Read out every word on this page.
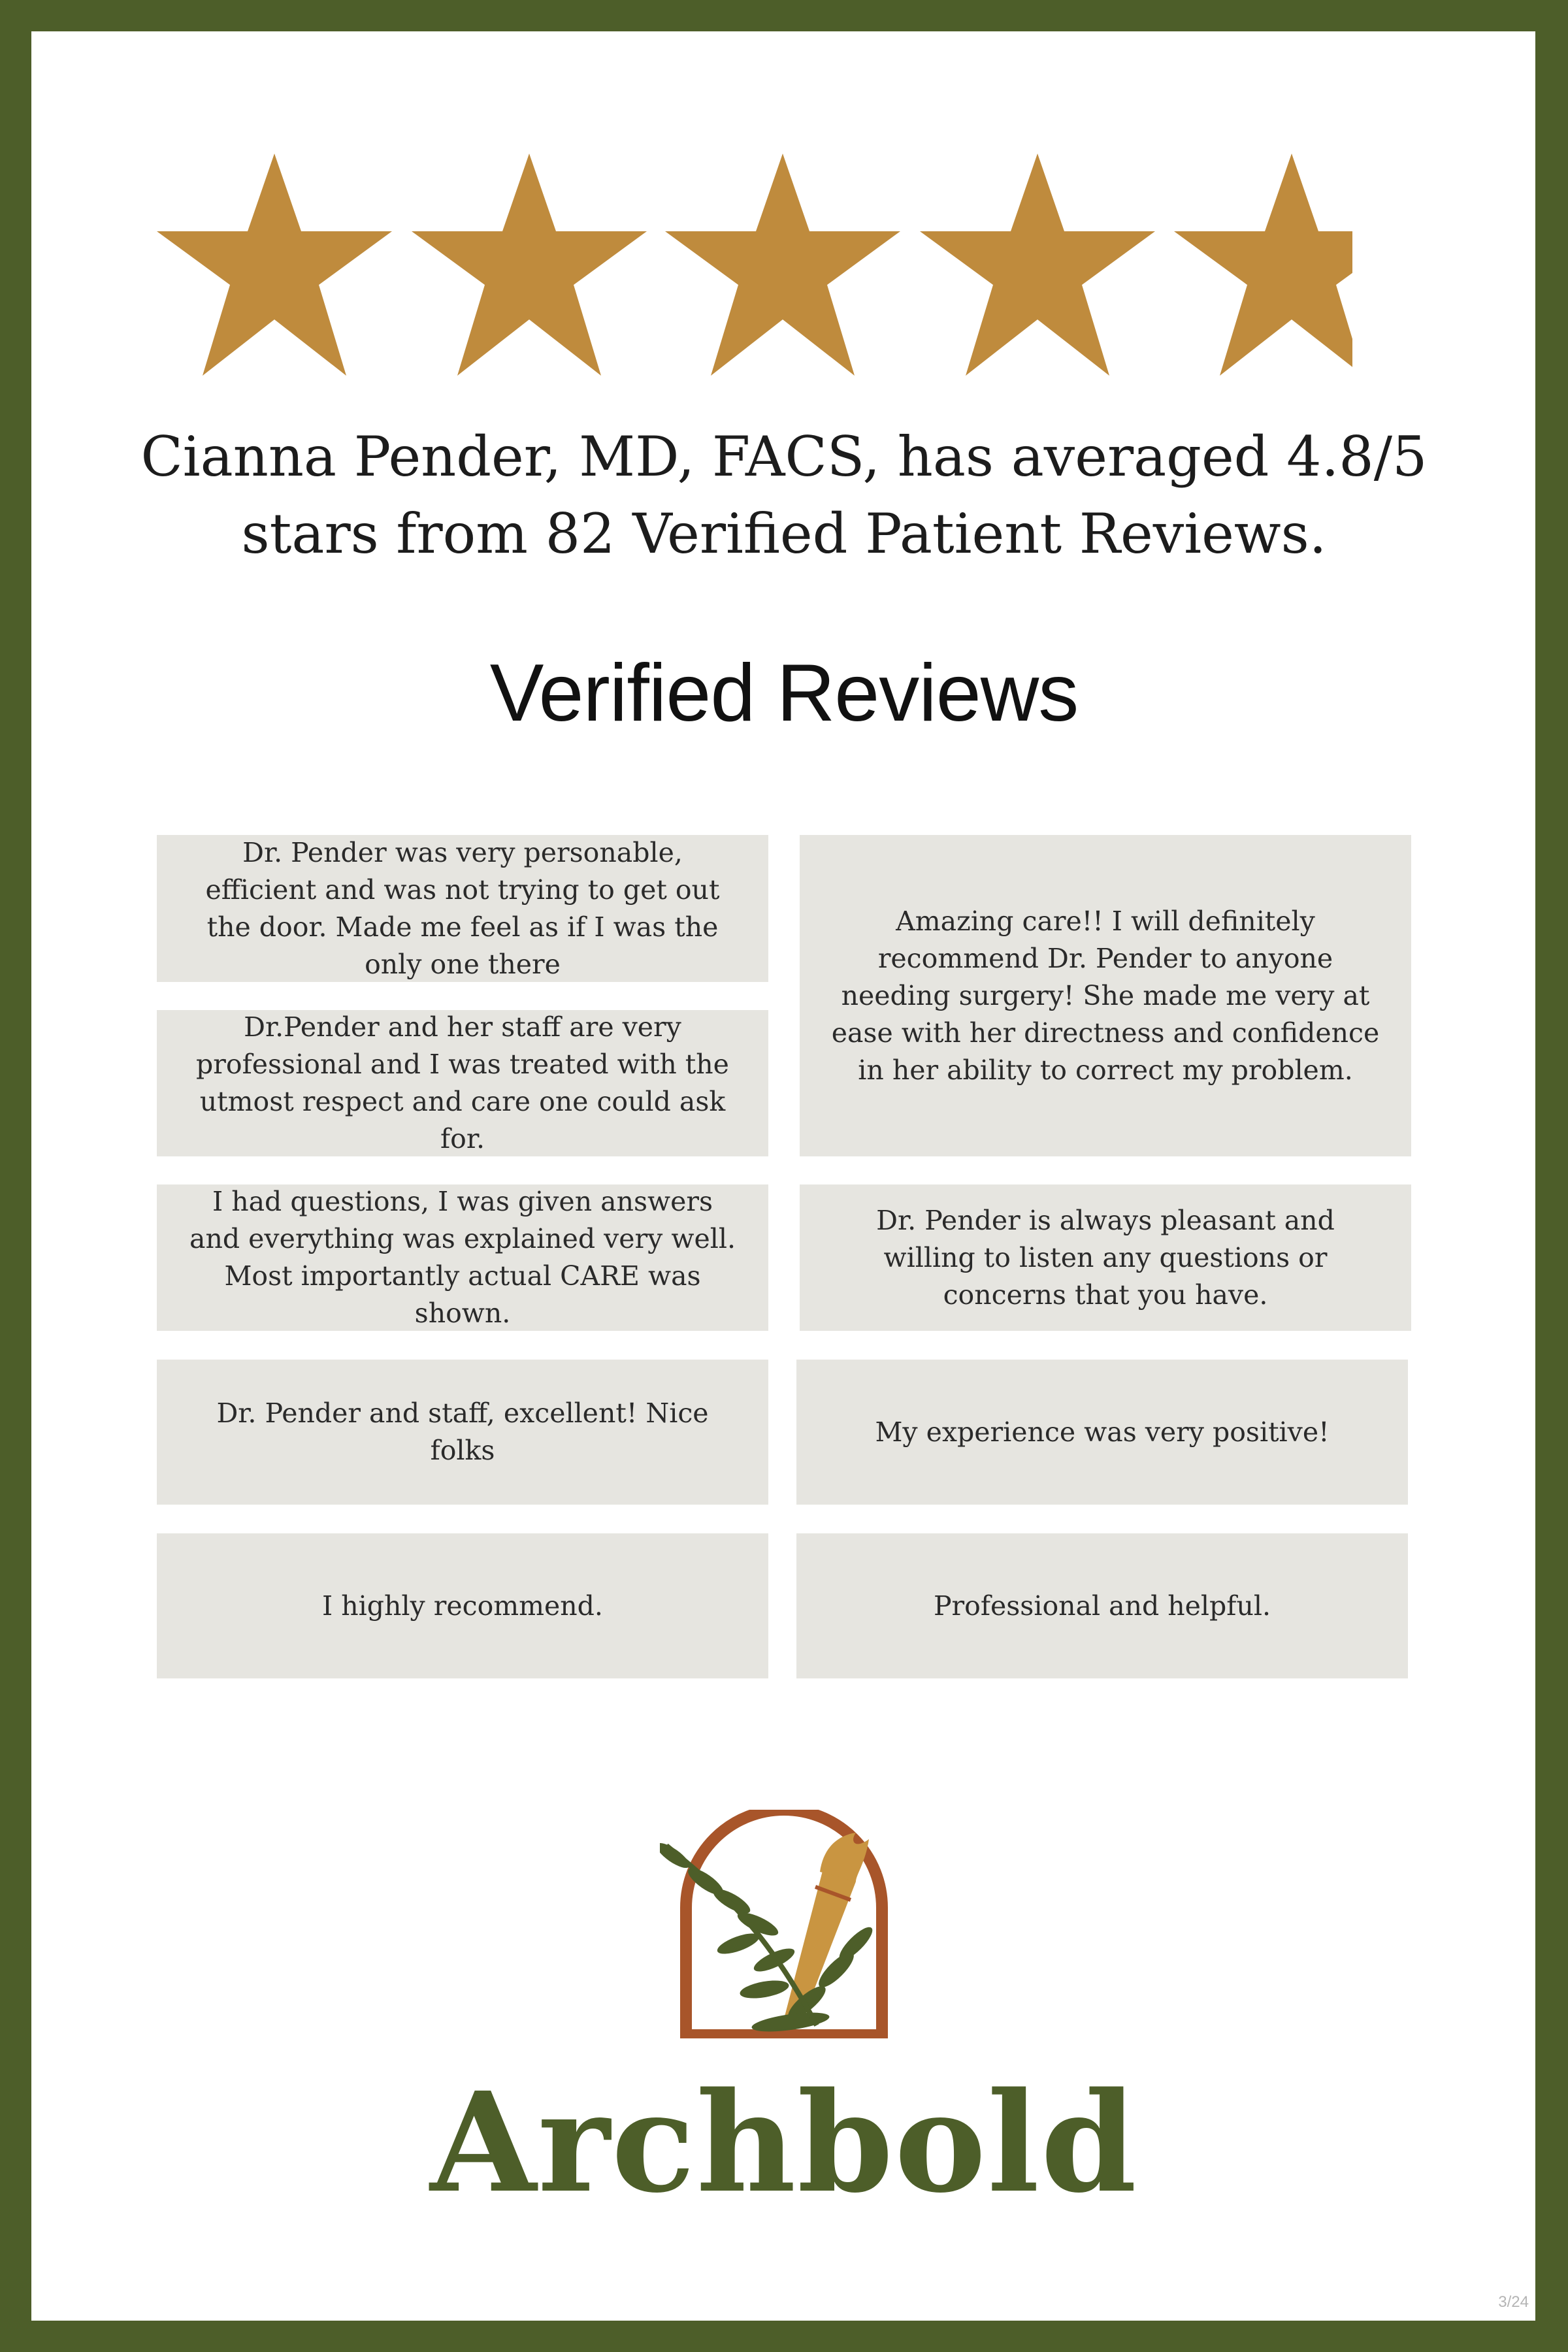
Cianna Pender, MD, FACS, has averaged 4.8/5
stars from 82 Verified Patient Reviews.
Verified Reviews
Dr. Pender was very personable, efficient and was not trying to get out the door. Made me feel as if I was the only one there
Amazing care!! I will definitely recommend Dr. Pender to anyone needing surgery! She made me very at ease with her directness and confidence in her ability to correct my problem.
Dr.Pender and her staff are very professional and I was treated with the utmost respect and care one could ask for.
I had questions, I was given answers and everything was explained very well. Most importantly actual CARE was shown.
Dr. Pender is always pleasant and willing to listen any questions or concerns that you have.
Dr. Pender and staff, excellent! Nice folks
My experience was very positive!
I highly recommend.	Professional and helpful.
Archbold
3/24
